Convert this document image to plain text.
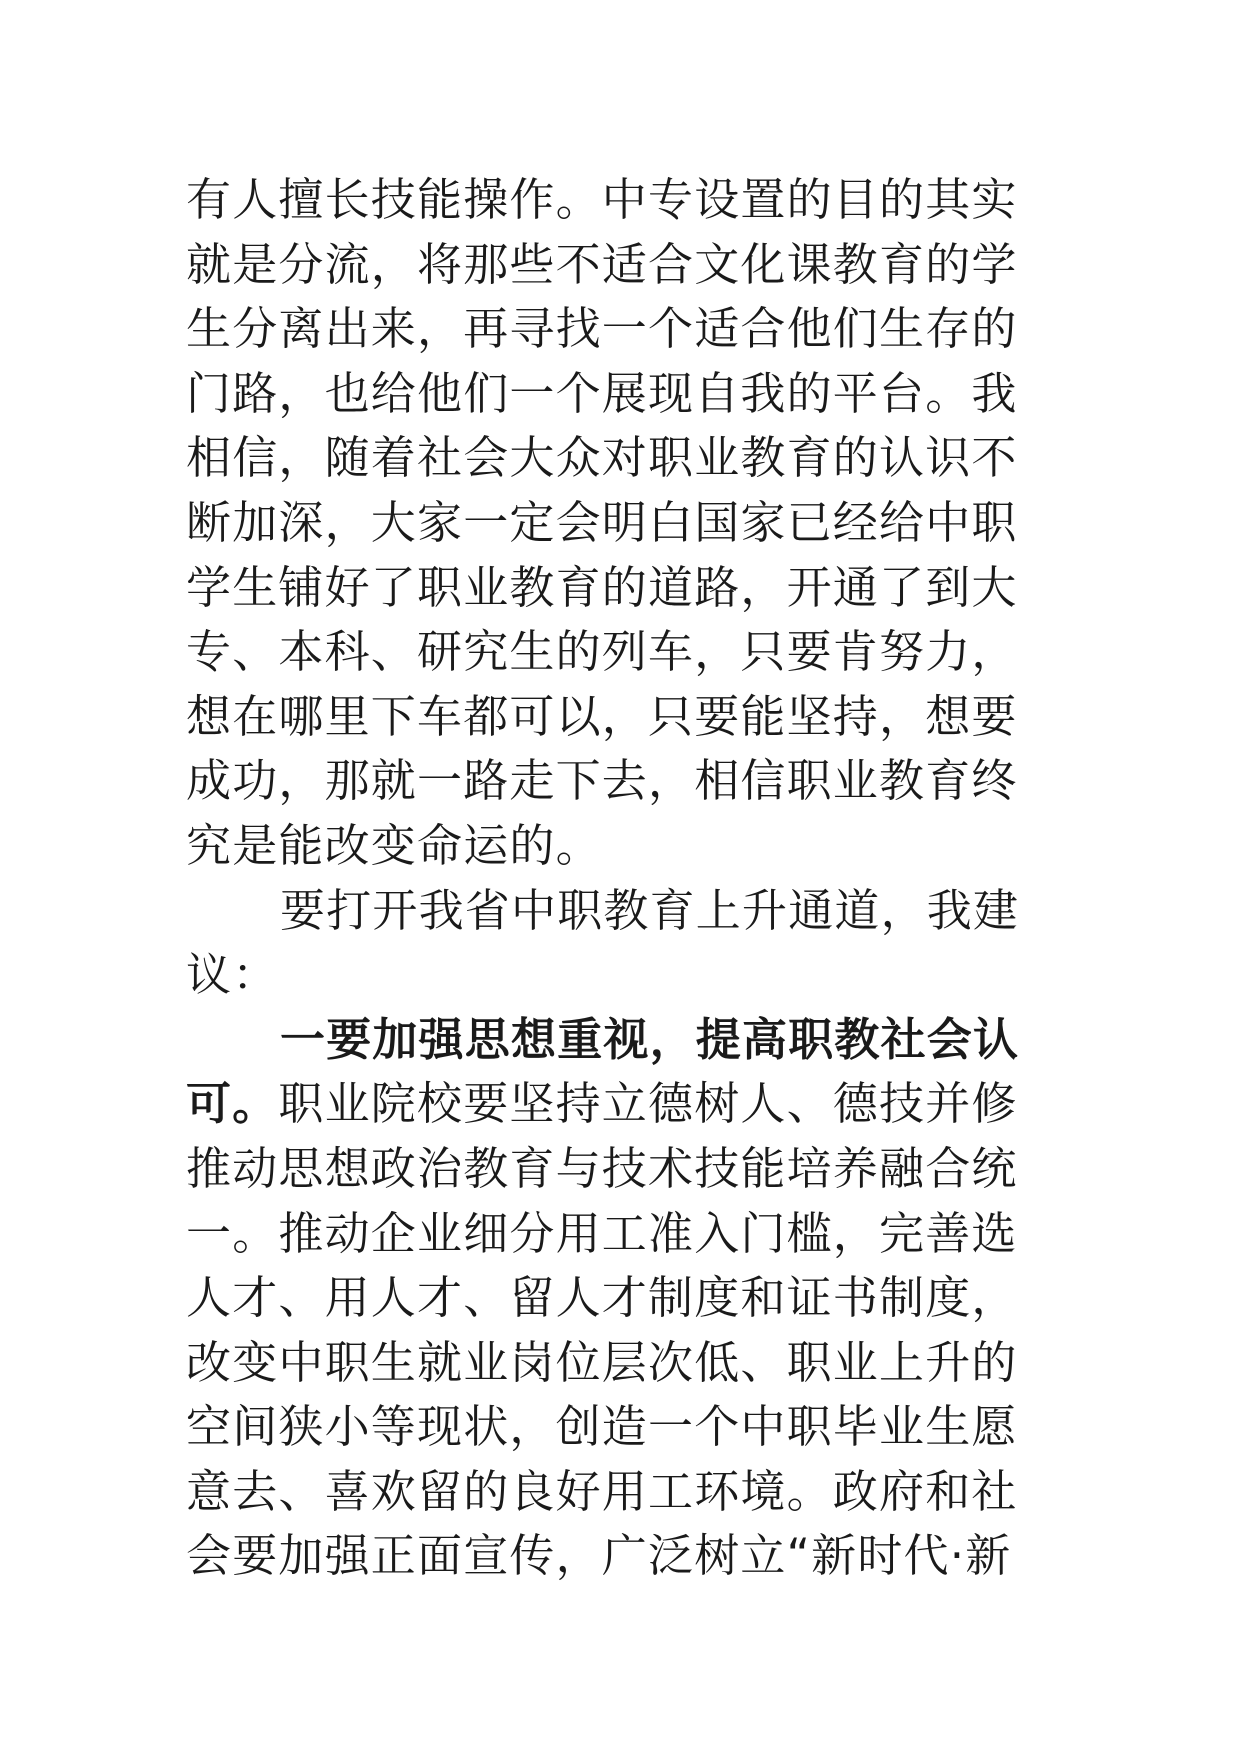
有人擅长技能操作。中专设置的目的其实
就是分流，将那些不适合文化课教育的学
生分离出来，再寻找一个适合他们生存的
门路，也给他们一个展现自我的平台。我
相信，随着社会大众对职业教育的认识不
断加深，大家一定会明白国家已经给中职
学生铺好了职业教育的道路，开通了到大
专、本科、研究生的列车，只要肯努力，
想在哪里下车都可以，只要能坚持，想要
成功，那就一路走下去，相信职业教育终
究是能改变命运的。
要打开我省中职教育上升通道，我建
议：
一要加强思想重视，提高职教社会认
可。职业院校要坚持立德树人、德技并修
推动思想政治教育与技术技能培养融合统
一。推动企业细分用工准入门槛，完善选
人才、用人才、留人才制度和证书制度，
改变中职生就业岗位层次低、职业上升的
空间狭小等现状，创造一个中职毕业生愿
意去、喜欢留的良好用工环境。政府和社
会要加强正面宣传，广泛树立“新时代·新
